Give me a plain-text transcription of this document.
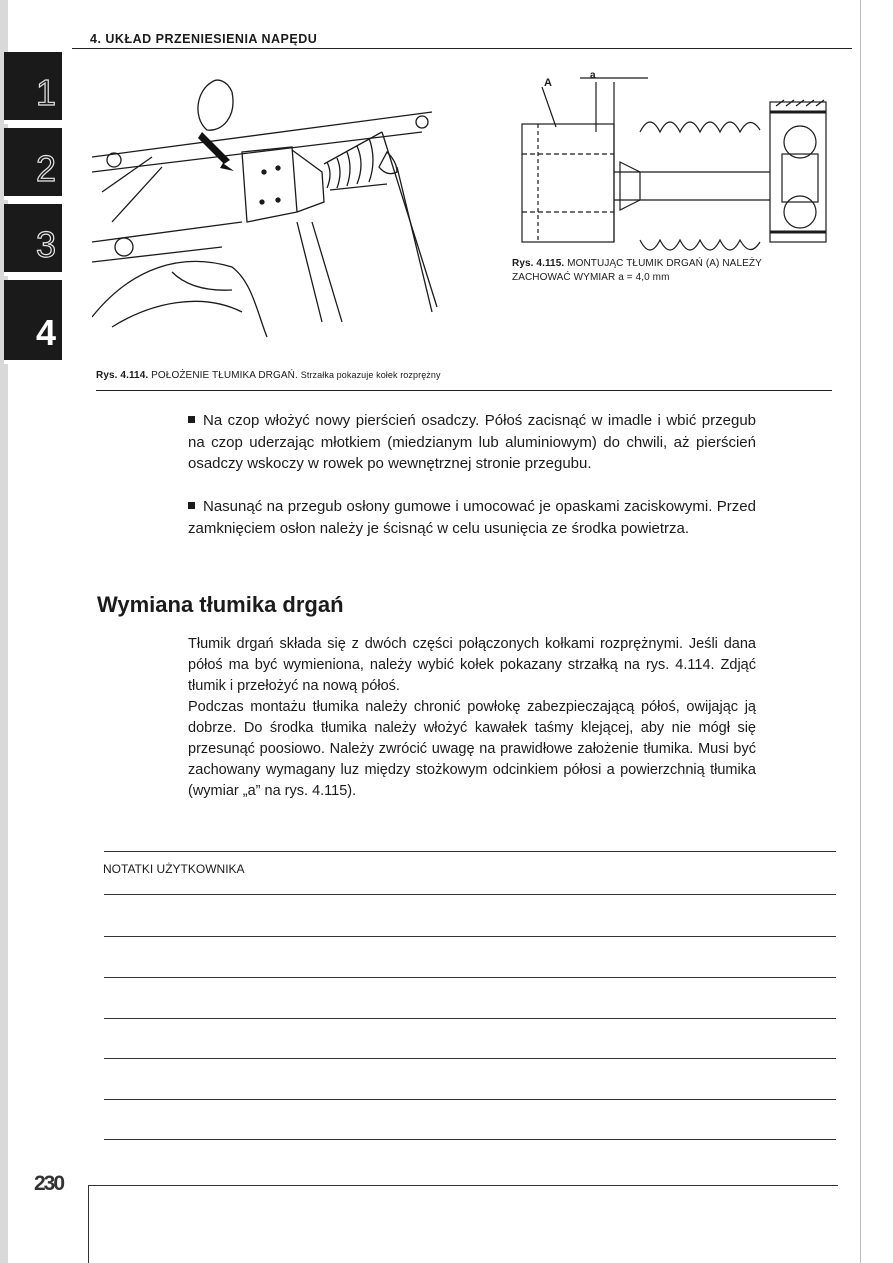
4. UKŁAD PRZENIESIENIA NAPĘDU
1
2
3
4
A
a
Rys. 4.114. POŁOŻENIE TŁUMIKA DRGAŃ. Strzałka pokazuje kołek rozprężny
Rys. 4.115. MONTUJĄC TŁUMIK DRGAŃ (A) NALEŻY ZACHOWAĆ WYMIAR a = 4,0 mm
Na czop włożyć nowy pierścień osadczy. Półoś zacisnąć w imadle i wbić przegub na czop uderzając młotkiem (miedzianym lub aluminiowym) do chwili, aż pierścień osadczy wskoczy w rowek po wewnętrznej stronie przegubu.
Nasunąć na przegub osłony gumowe i umocować je opaskami zaciskowymi. Przed zamknięciem osłon należy je ścisnąć w celu usunięcia ze środka powietrza.
Wymiana tłumika drgań
Tłumik drgań składa się z dwóch części połączonych kołkami rozprężnymi. Jeśli dana półoś ma być wymieniona, należy wybić kołek pokazany strzałką na rys. 4.114. Zdjąć tłumik i przełożyć na nową półoś.
Podczas montażu tłumika należy chronić powłokę zabezpieczającą półoś, owijając ją dobrze. Do środka tłumika należy włożyć kawałek taśmy klejącej, aby nie mógł się przesunąć poosiowo. Należy zwrócić uwagę na prawidłowe założenie tłumika. Musi być zachowany wymagany luz między stożkowym odcinkiem półosi a powierzchnią tłumika (wymiar „a” na rys. 4.115).
NOTATKI UŻYTKOWNIKA
230
